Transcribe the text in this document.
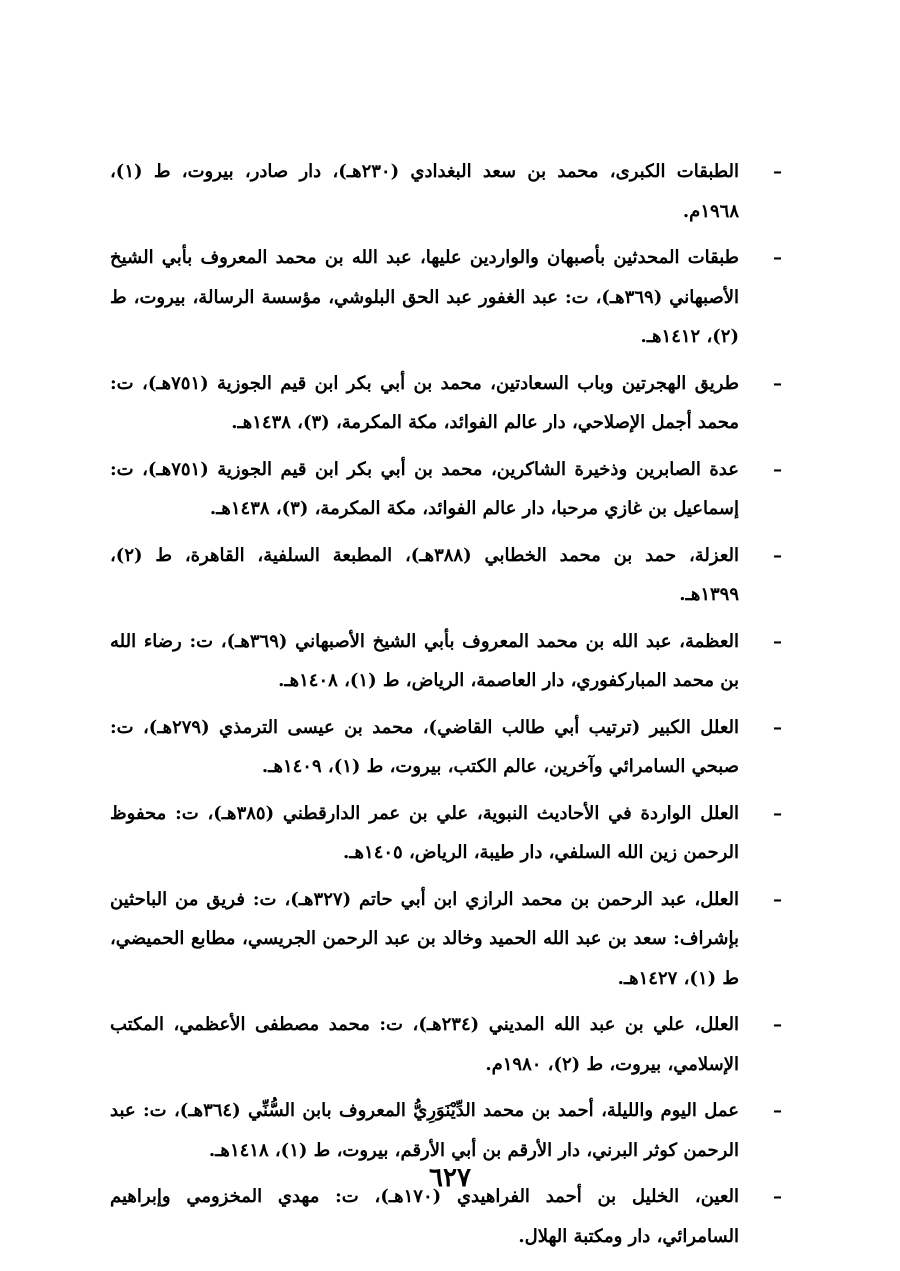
–
الطبقات الكبرى، محمد بن سعد البغدادي (٢٣٠هـ)، دار صادر، بيروت، ط (١)، ١٩٦٨م.
–
طبقات المحدثين بأصبهان والواردين عليها، عبد الله بن محمد المعروف بأبي الشيخ الأصبهاني (٣٦٩هـ)، ت: عبد الغفور عبد الحق البلوشي، مؤسسة الرسالة، بيروت، ط (٢)، ١٤١٢هـ.
–
طريق الهجرتين وباب السعادتين، محمد بن أبي بكر ابن قيم الجوزية (٧٥١هـ)، ت: محمد أجمل الإصلاحي، دار عالم الفوائد، مكة المكرمة، (٣)، ١٤٣٨هـ.
–
عدة الصابرين وذخيرة الشاكرين، محمد بن أبي بكر ابن قيم الجوزية (٧٥١هـ)، ت: إسماعيل بن غازي مرحبا، دار عالم الفوائد، مكة المكرمة، (٣)، ١٤٣٨هـ.
–
العزلة، حمد بن محمد الخطابي (٣٨٨هـ)، المطبعة السلفية، القاهرة، ط (٢)، ١٣٩٩هـ.
–
العظمة، عبد الله بن محمد المعروف بأبي الشيخ الأصبهاني (٣٦٩هـ)، ت: رضاء الله بن محمد المباركفوري، دار العاصمة، الرياض، ط (١)، ١٤٠٨هـ.
–
العلل الكبير (ترتيب أبي طالب القاضي)، محمد بن عيسى الترمذي (٢٧٩هـ)، ت: صبحي السامرائي وآخرين، عالم الكتب، بيروت، ط (١)، ١٤٠٩هـ.
–
العلل الواردة في الأحاديث النبوية، علي بن عمر الدارقطني (٣٨٥هـ)، ت: محفوظ الرحمن زين الله السلفي، دار طيبة، الرياض، ١٤٠٥هـ.
–
العلل، عبد الرحمن بن محمد الرازي ابن أبي حاتم (٣٢٧هـ)، ت: فريق من الباحثين بإشراف: سعد بن عبد الله الحميد وخالد بن عبد الرحمن الجريسي، مطابع الحميضي، ط (١)، ١٤٢٧هـ.
–
العلل، علي بن عبد الله المديني (٢٣٤هـ)، ت: محمد مصطفى الأعظمي، المكتب الإسلامي، بيروت، ط (٢)، ١٩٨٠م.
–
عمل اليوم والليلة، أحمد بن محمد الدِّيْنَوَرِيُّ المعروف بابن السُّنِّي (٣٦٤هـ)، ت: عبد الرحمن كوثر البرني، دار الأرقم بن أبي الأرقم، بيروت، ط (١)، ١٤١٨هـ.
–
العين، الخليل بن أحمد الفراهيدي (١٧٠هـ)، ت: مهدي المخزومي وإبراهيم السامرائي، دار ومكتبة الهلال.
٦٢٧
